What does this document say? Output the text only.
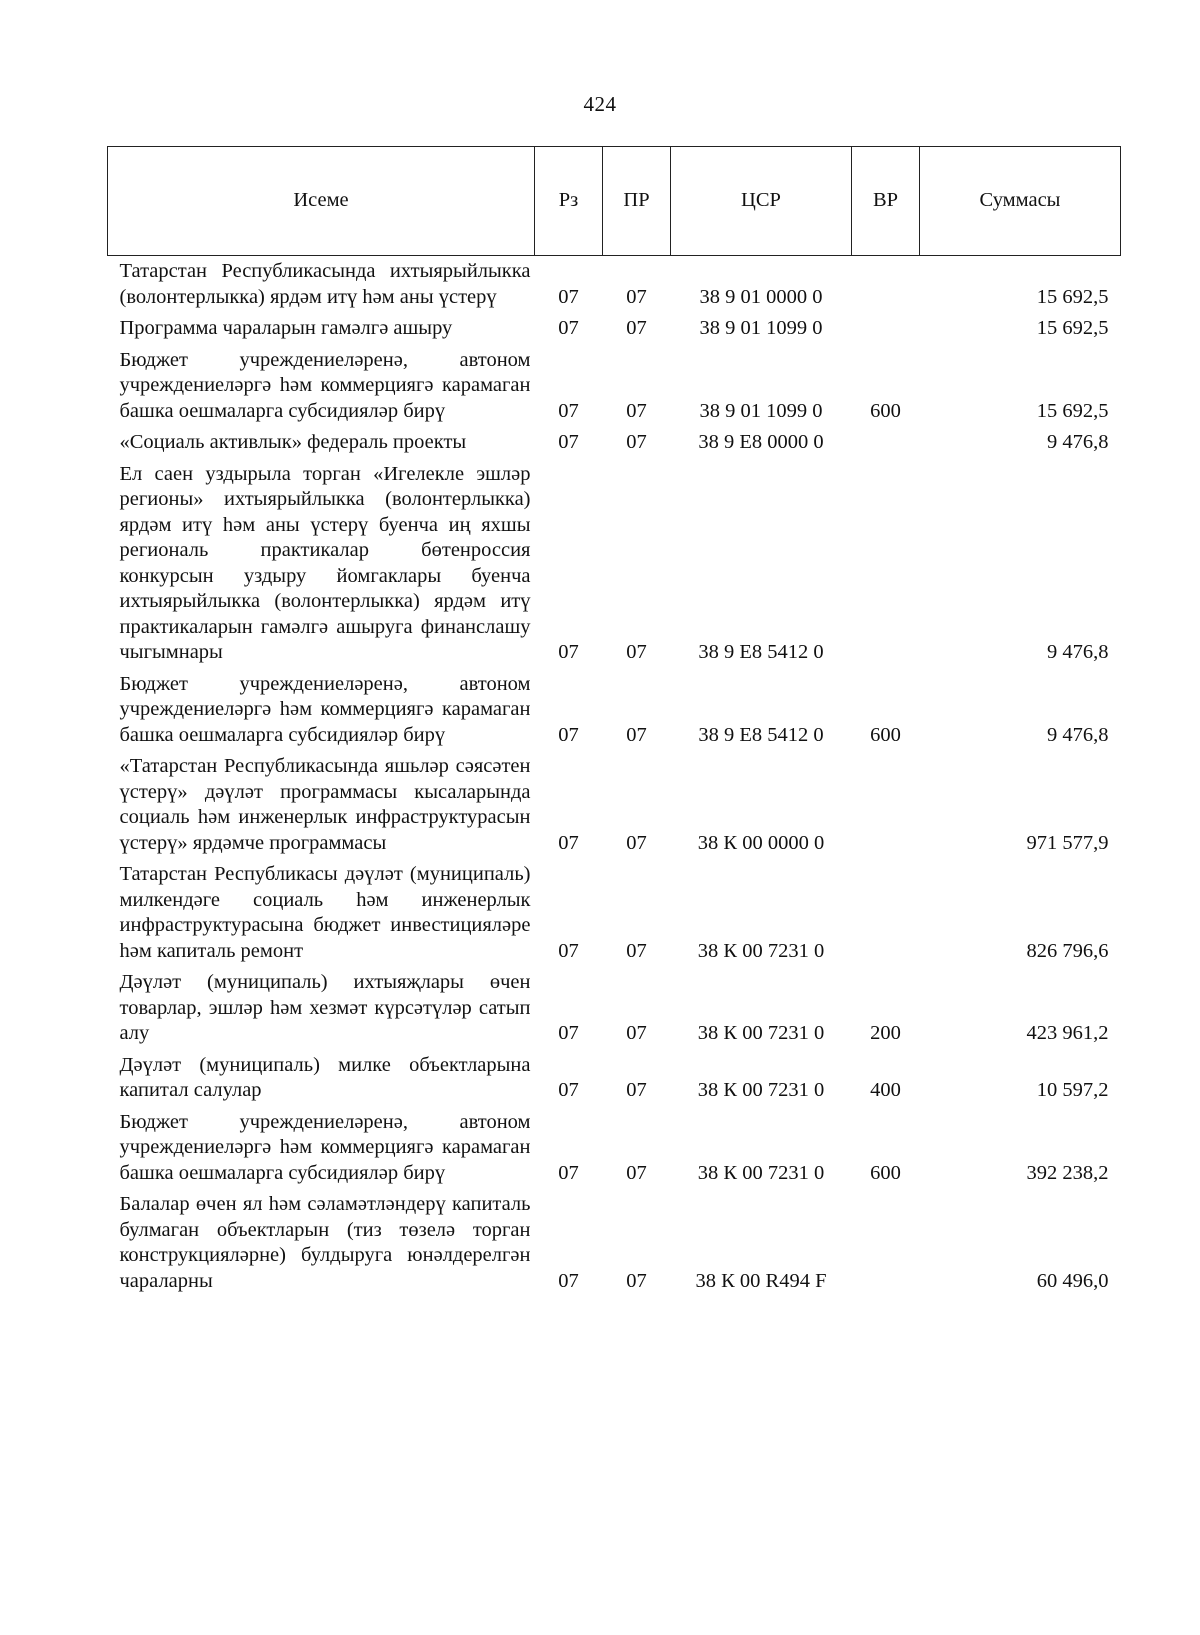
424
Исеме	Рз	ПР	ЦСР	ВР	Суммасы
Татарстан Республикасында ихтыярыйлыкка (волонтерлыкка) ярдәм итү һәм аны үстерү	07	07	38 9 01 0000 0		15 692,5
Программа чараларын гамәлгә ашыру	07	07	38 9 01 1099 0		15 692,5
Бюджет учреждениеләренә, автоном учреждениеләргә һәм коммерциягә карамаган башка оешмаларга субсидияләр бирү	07	07	38 9 01 1099 0	600	15 692,5
«Социаль активлык» федераль проекты	07	07	38 9 E8 0000 0		9 476,8
Ел саен уздырыла торган «Игелекле эшләр регионы» ихтыярыйлыкка (волонтерлыкка) ярдәм итү һәм аны үстерү буенча иң яхшы региональ практикалар бөтенроссия конкурсын уздыру йомгаклары буенча ихтыярыйлыкка (волонтерлыкка) ярдәм итү практикаларын гамәлгә ашыруга финанслашу чыгымнары	07	07	38 9 E8 5412 0		9 476,8
Бюджет учреждениеләренә, автоном учреждениеләргә һәм коммерциягә карамаган башка оешмаларга субсидияләр бирү	07	07	38 9 E8 5412 0	600	9 476,8
«Татарстан Республикасында яшьләр сәясәтен үстерү» дәүләт программасы кысаларында социаль һәм инженерлык инфраструктурасын үстерү» ярдәмче программасы	07	07	38 К 00 0000 0		971 577,9
Татарстан Республикасы дәүләт (муниципаль) милкендәге социаль һәм инженерлык инфраструктурасына бюджет инвестицияләре һәм капиталь ремонт	07	07	38 К 00 7231 0		826 796,6
Дәүләт (муниципаль) ихтыяҗлары өчен товарлар, эшләр һәм хезмәт күрсәтүләр сатып алу	07	07	38 К 00 7231 0	200	423 961,2
Дәүләт (муниципаль) милке объектларына капитал салулар	07	07	38 К 00 7231 0	400	10 597,2
Бюджет учреждениеләренә, автоном учреждениеләргә һәм коммерциягә карамаган башка оешмаларга субсидияләр бирү	07	07	38 К 00 7231 0	600	392 238,2
Балалар өчен ял һәм сәламәтләндерү капиталь булмаган объектларын (тиз төзелә торган конструкцияләрне) булдыруга юнәлдерелгән чараларны	07	07	38 К 00 R494 F		60 496,0
